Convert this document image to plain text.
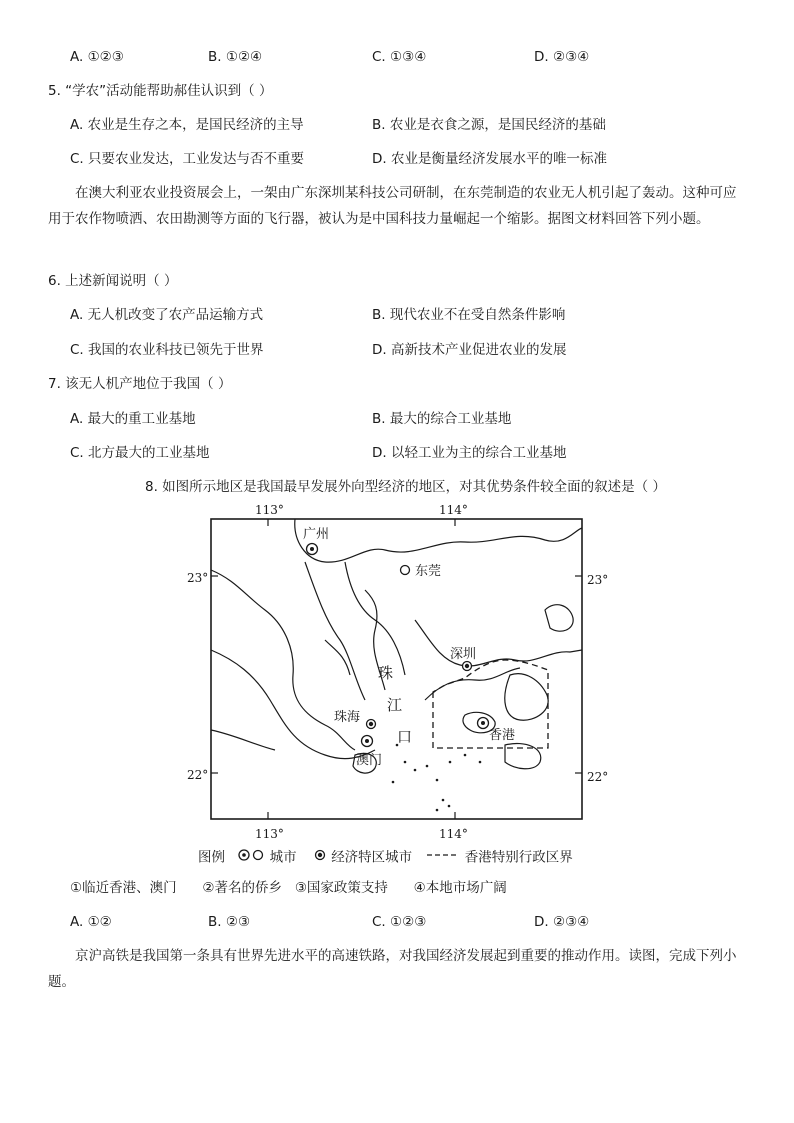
A. ①②③	B. ①②④	C. ①③④	D. ②③④
5. “学农”活动能帮助郝佳认识到（ ）
A. 农业是生存之本，是国民经济的主导	B. 农业是衣食之源，是国民经济的基础
C. 只要农业发达，工业发达与否不重要	D. 农业是衡量经济发展水平的唯一标准
在澳大利亚农业投资展会上，一架由广东深圳某科技公司研制，在东莞制造的农业无人机引起了轰动。这种可应用于农作物喷洒、农田勘测等方面的飞行器，被认为是中国科技力量崛起一个缩影。据图文材料回答下列小题。
6. 上述新闻说明（ ）
A. 无人机改变了农产品运输方式	B. 现代农业不在受自然条件影响
C. 我国的农业科技已领先于世界	D. 高新技术产业促进农业的发展
7. 该无人机产地位于我国（ ）
A. 最大的重工业基地	B. 最大的综合工业基地
C. 北方最大的工业基地	D. 以轻工业为主的综合工业基地
8. 如图所示地区是我国最早发展外向型经济的地区，对其优势条件较全面的叙述是（ ）
113°	114°
113°	114°
23°	23°
22°	22°
广州
东莞
深圳
香港
珠海
澳门
珠
江
口
图例	城市	经济特区城市	香港特别行政区界
①临近香港、澳门      ②著名的侨乡   ③国家政策支持      ④本地市场广阔
A. ①②	B. ②③	C. ①②③	D. ②③④
京沪高铁是我国第一条具有世界先进水平的高速铁路，对我国经济发展起到重要的推动作用。读图，完成下列小题。
